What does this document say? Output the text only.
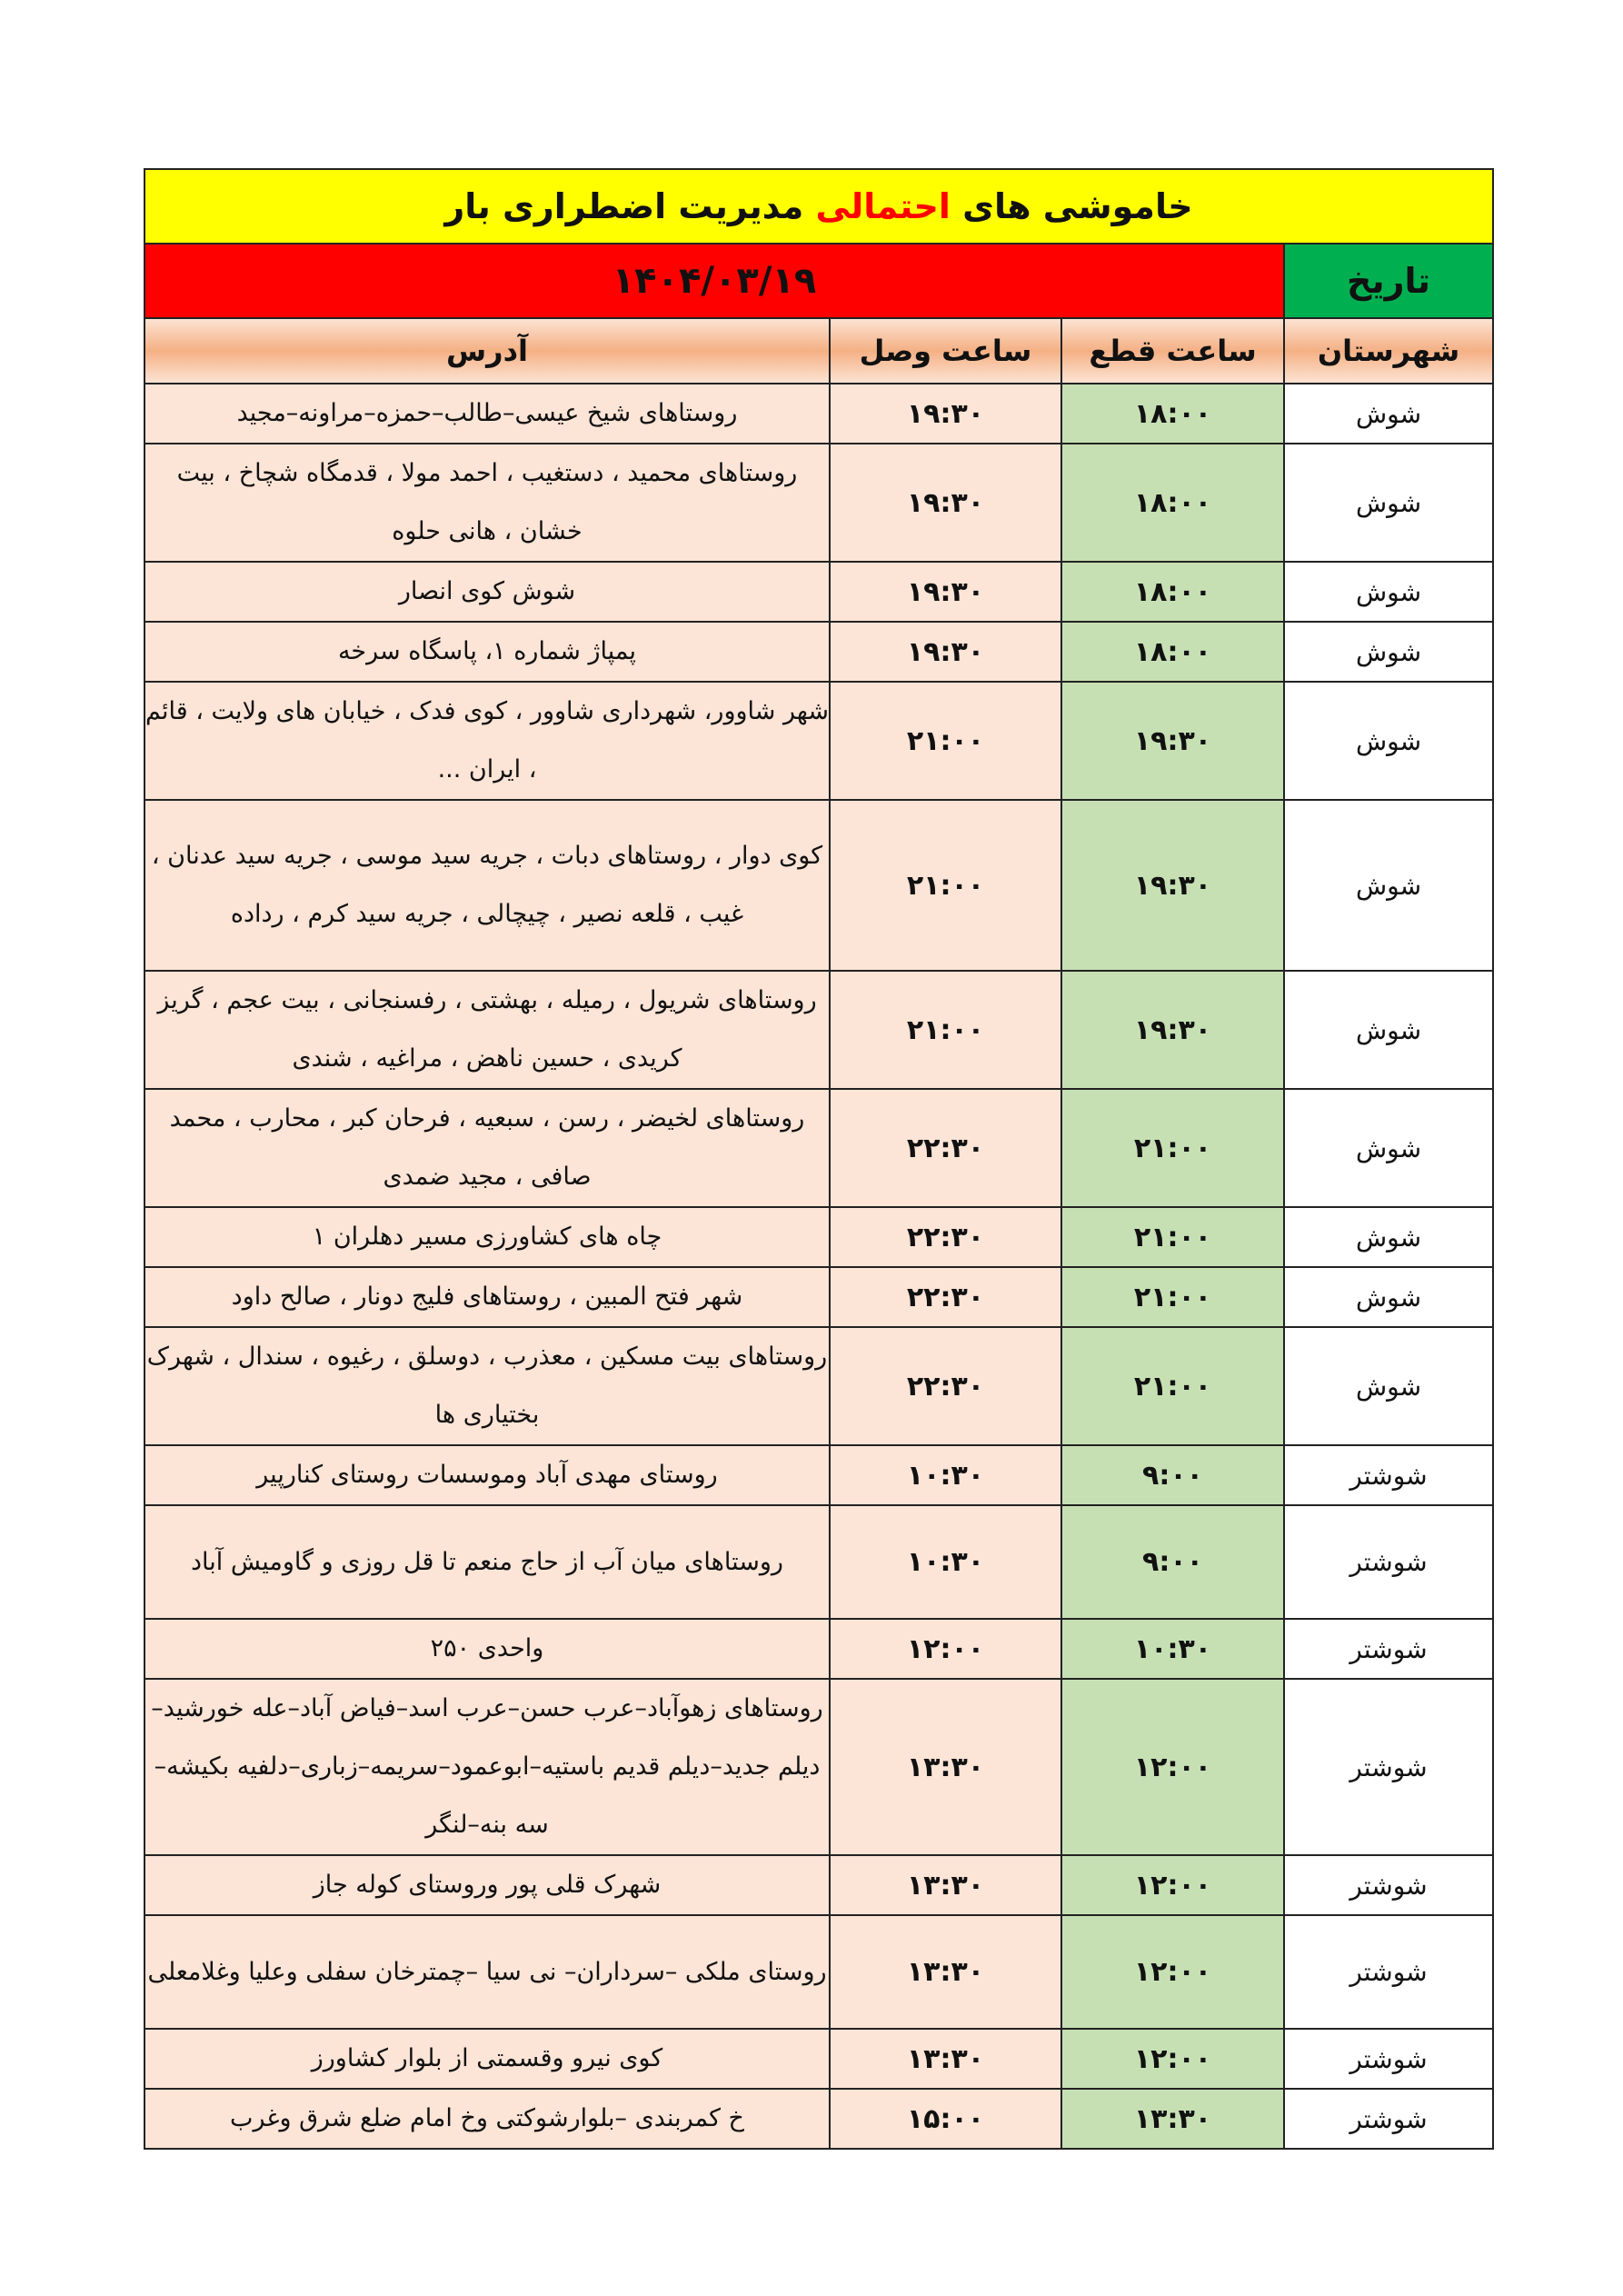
خاموشی های احتمالی مدیریت اضطراری بار			
تاریخ	۱۴۰۴/۰۳/۱۹		
شهرستان	ساعت قطع	ساعت وصل	آدرس
شوش	۱۸:۰۰	۱۹:۳۰	روستاهای شیخ عیسی–طالب–حمزه–مراونه–مجید
شوش	۱۸:۰۰	۱۹:۳۰	روستاهای محمید ، دستغیب ، احمد مولا ، قدمگاه شچاخ ، بیت خشان ، هانی حلوه
شوش	۱۸:۰۰	۱۹:۳۰	شوش کوی انصار
شوش	۱۸:۰۰	۱۹:۳۰	پمپاژ شماره ۱، پاسگاه سرخه
شوش	۱۹:۳۰	۲۱:۰۰	شهر شاوور، شهرداری شاوور ، کوی فدک ، خیابان های ولایت ، قائم ، ایران ...
شوش	۱۹:۳۰	۲۱:۰۰	کوی دوار ، روستاهای دبات ، جریه سید موسی ، جریه سید عدنان ، غیب ، قلعه نصیر ، چیچالی ، جریه سید کرم ، رداده
شوش	۱۹:۳۰	۲۱:۰۰	روستاهای شریول ، رمیله ، بهشتی ، رفسنجانی ، بیت عجم ، گریز کریدی ، حسین ناهض ، مراغیه ، شندی
شوش	۲۱:۰۰	۲۲:۳۰	روستاهای لخیضر ، رسن ، سبعیه ، فرحان کبر ، محارب ، محمد صافی ، مجید ضمدی
شوش	۲۱:۰۰	۲۲:۳۰	چاه های کشاورزی مسیر دهلران ۱
شوش	۲۱:۰۰	۲۲:۳۰	شهر فتح المبین ، روستاهای فلیج دونار ، صالح داود
شوش	۲۱:۰۰	۲۲:۳۰	روستاهای بیت مسکین ، معذرب ، دوسلق ، رغیوه ، سندال ، شهرک بختیاری ها
شوشتر	۹:۰۰	۱۰:۳۰	روستای مهدی آباد وموسسات روستای کنارپیر
شوشتر	۹:۰۰	۱۰:۳۰	روستاهای میان آب از حاج منعم تا قل روزی و گاومیش آباد
شوشتر	۱۰:۳۰	۱۲:۰۰	واحدی ۲۵۰
شوشتر	۱۲:۰۰	۱۳:۳۰	روستاهای زهوآباد–عرب حسن–عرب اسد–فیاض آباد–عله خورشید–دیلم جدید–دیلم قدیم باستیه–ابوعمود–سریمه–زباری–دلفیه بکیشه–سه بنه–لنگر
شوشتر	۱۲:۰۰	۱۳:۳۰	شهرک قلی پور وروستای کوله جاز
شوشتر	۱۲:۰۰	۱۳:۳۰	روستای ملکی –سرداران– نی سیا –چمترخان سفلی وعلیا وغلامعلی
شوشتر	۱۲:۰۰	۱۳:۳۰	کوی نیرو وقسمتی از بلوار کشاورز
شوشتر	۱۳:۳۰	۱۵:۰۰	خ کمربندی –بلوارشوکتی وخ امام ضلع شرق وغرب
